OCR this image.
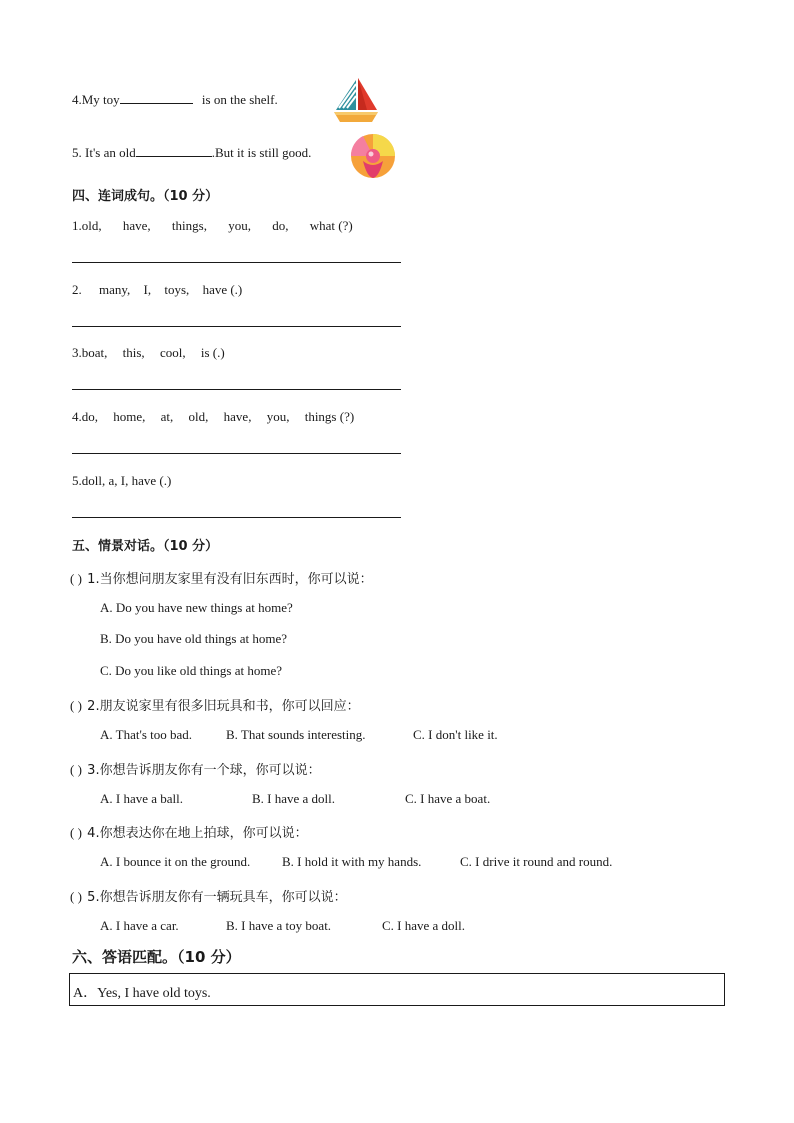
4.My toy	is on the shelf.
5. It's an old	.But it is still good.
四、连词成句。（10 分）
1.old, have, things, you, do, what (?)
2. many, I, toys, have (.)
3.boat, this, cool, is (.)
4.do, home, at, old, have, you, things (?)
5.doll, a, I, have (.)
五、情景对话。（10 分）
( ) 1.当你想问朋友家里有没有旧东西时，你可以说：
A. Do you have new things at home?
B. Do you have old things at home?
C. Do you like old things at home?
( ) 2.朋友说家里有很多旧玩具和书，你可以回应：
A. That's too bad.	B. That sounds interesting.	C. I don't like it.
( ) 3.你想告诉朋友你有一个球，你可以说：
A. I have a ball.	B. I have a doll.	C. I have a boat.
( ) 4.你想表达你在地上拍球，你可以说：
A. I bounce it on the ground. B. I hold it with my hands.	C. I drive it round and round.
( ) 5.你想告诉朋友你有一辆玩具车，你可以说：
A. I have a car.	B. I have a toy boat.	C. I have a doll.
六、答语匹配。（10 分）
A．Yes, I have old toys.
